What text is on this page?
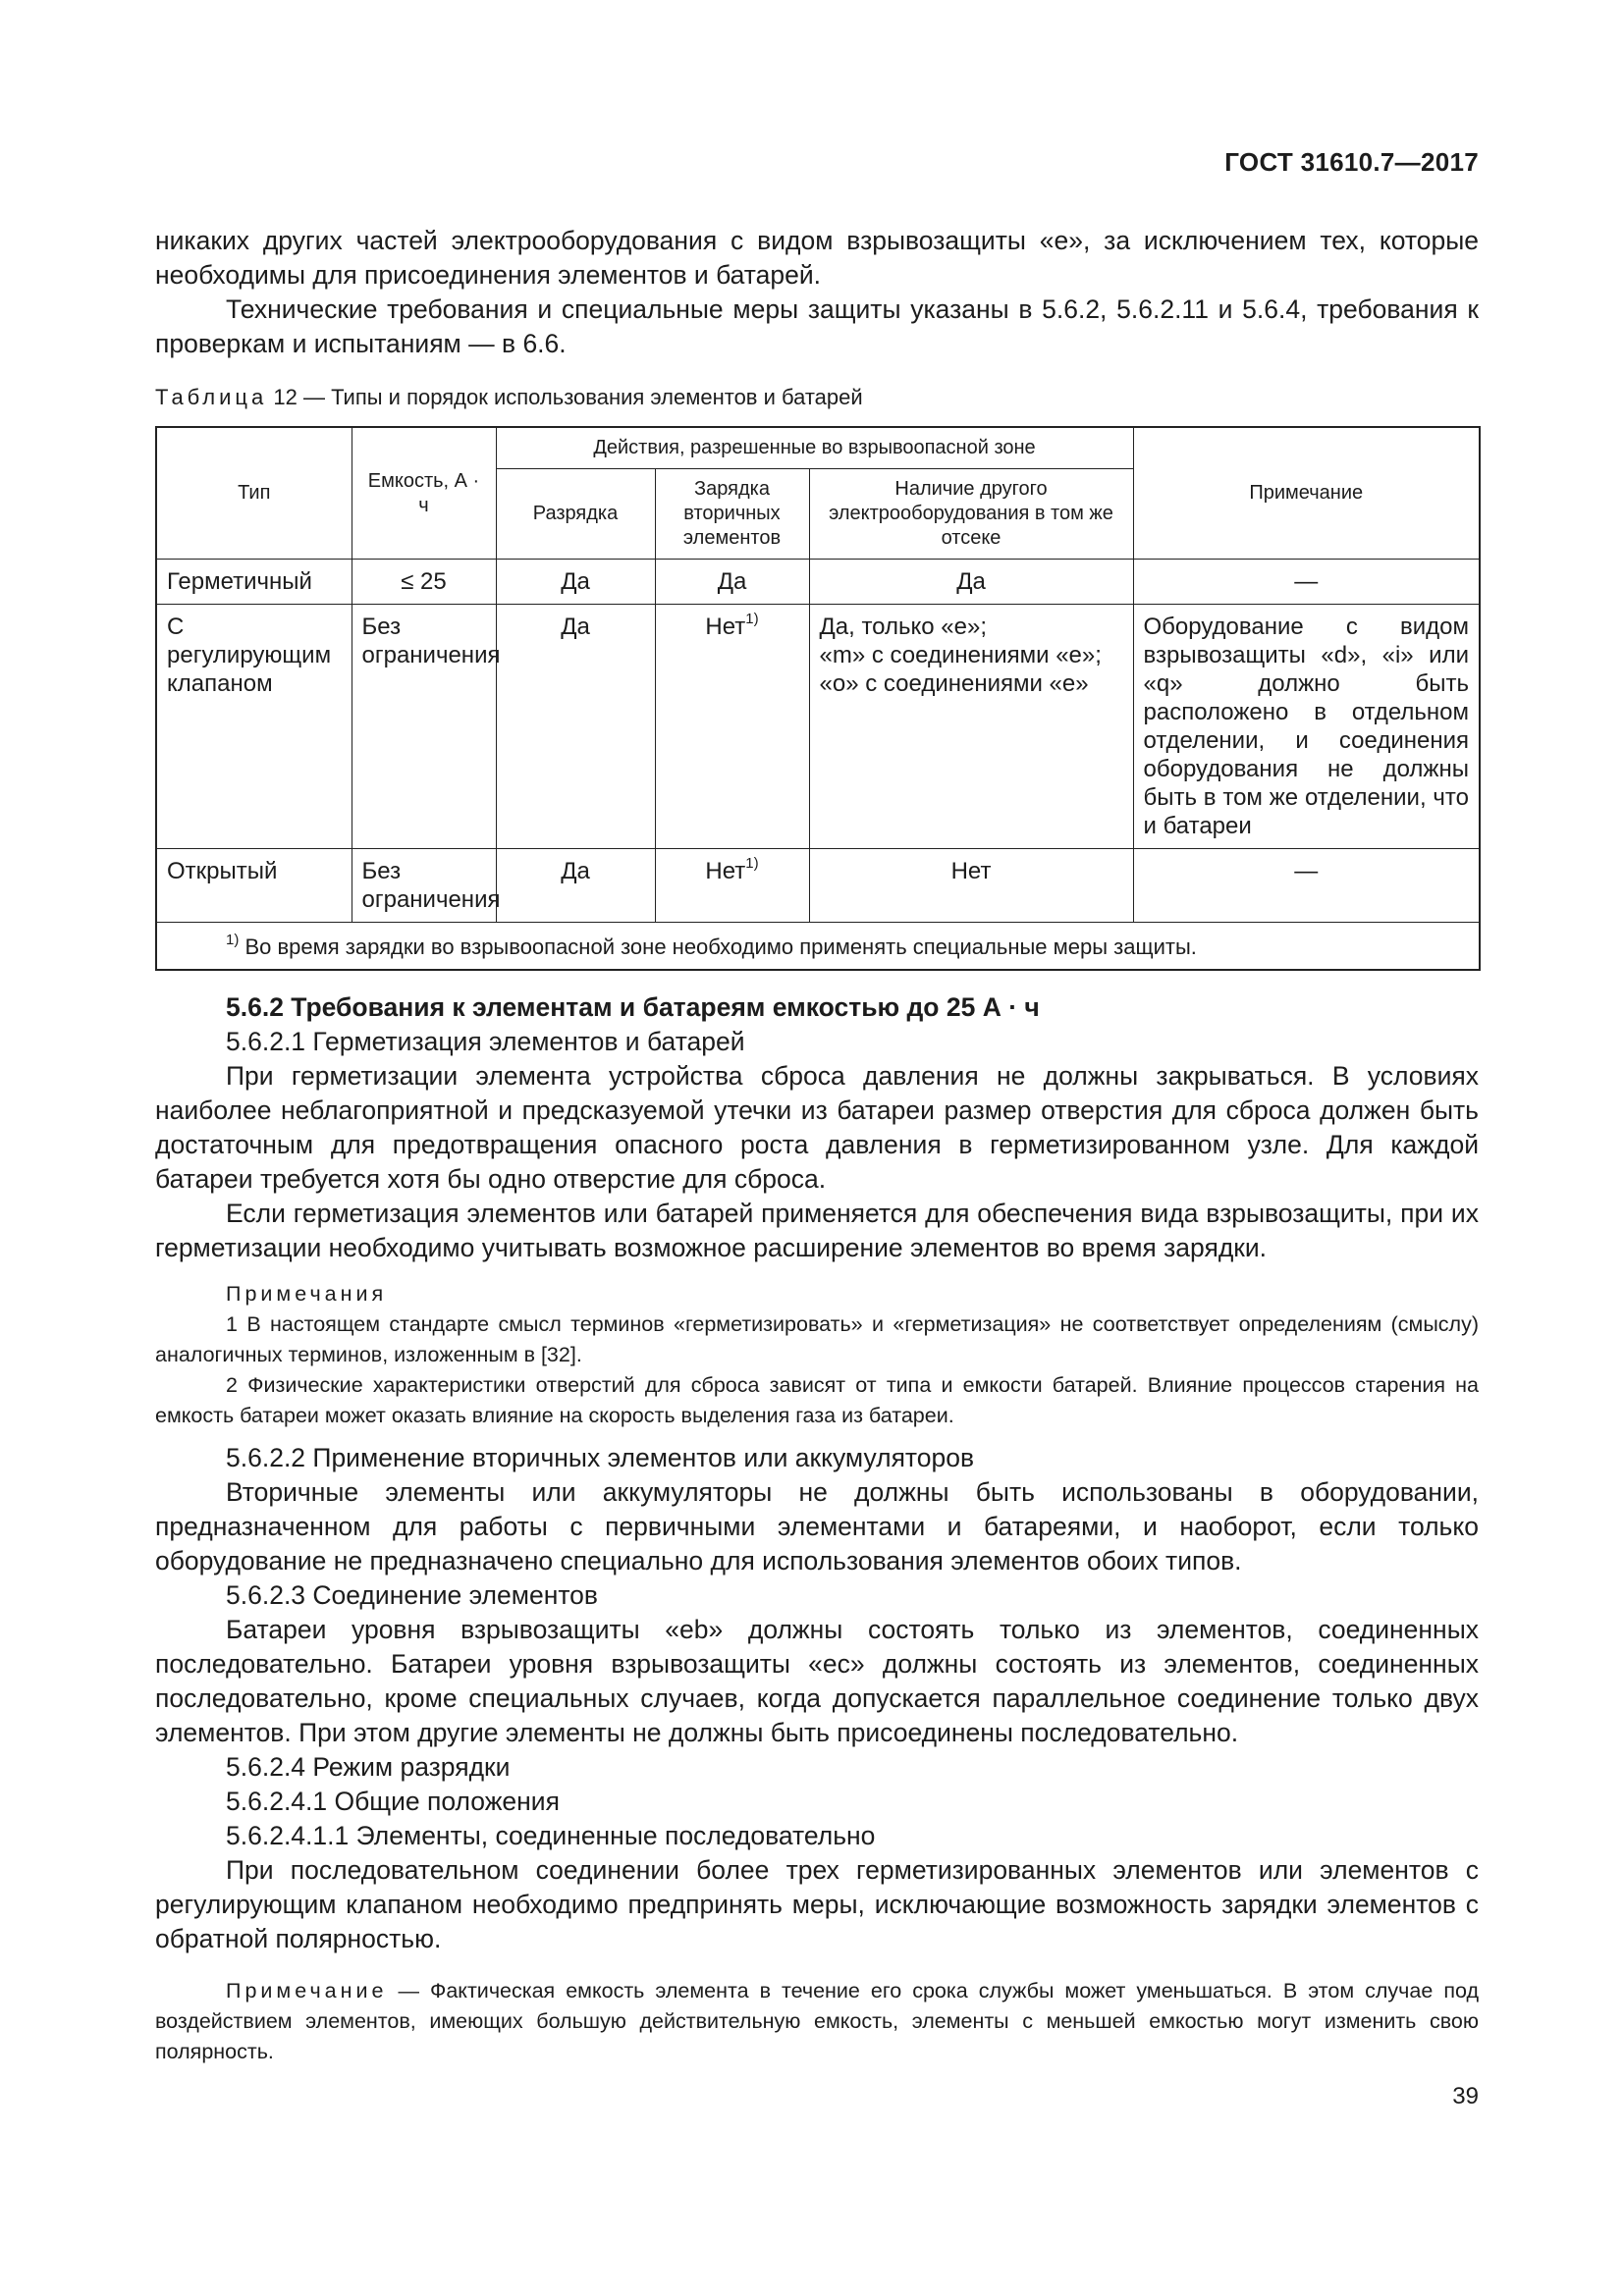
ГОСТ 31610.7—2017

никаких других частей электрооборудования с видом взрывозащиты «е», за исключением тех, которые необходимы для присоединения элементов и батарей.

Технические требования и специальные меры защиты указаны в 5.6.2, 5.6.2.11 и 5.6.4, требования к проверкам и испытаниям — в 6.6.

Таблица 12 — Типы и порядок использования элементов и батарей
Тип	Емкость, А · ч	Действия, разрешенные во взрывоопасной зоне			Примечание
		Разрядка	Зарядка вторичных элементов	Наличие другого электрооборудования в том же отсеке	
Герметичный	≤ 25	Да	Да	Да	—
С регулирующим клапаном	Без ограничения	Да	Нет$^{1)}$	Да, только «е»;
«m» с соединениями «е»;
«о» с соединениями «е»	Оборудование с видом взрывозащиты «d», «i» или «q» должно быть расположено в отдельном отделении, и соединения оборудования не должны быть в том же отделении, что и батареи
Открытый	Без ограничения	Да	Нет$^{1)}$	Нет	—
$^{1)}$ Во время зарядки во взрывоопасной зоне необходимо применять специальные меры защиты.					

5.6.2 Требования к элементам и батареям емкостью до 25 А · ч

5.6.2.1 Герметизация элементов и батарей

При герметизации элемента устройства сброса давления не должны закрываться. В условиях наиболее неблагоприятной и предсказуемой утечки из батареи размер отверстия для сброса должен быть достаточным для предотвращения опасного роста давления в герметизированном узле. Для каждой батареи требуется хотя бы одно отверстие для сброса.

Если герметизация элементов или батарей применяется для обеспечения вида взрывозащиты, при их герметизации необходимо учитывать возможное расширение элементов во время зарядки.

Примечания

1 В настоящем стандарте смысл терминов «герметизировать» и «герметизация» не соответствует определениям (смыслу) аналогичных терминов, изложенным в [32].

2 Физические характеристики отверстий для сброса зависят от типа и емкости батарей. Влияние процессов старения на емкость батареи может оказать влияние на скорость выделения газа из батареи.

5.6.2.2 Применение вторичных элементов или аккумуляторов

Вторичные элементы или аккумуляторы не должны быть использованы в оборудовании, предназначенном для работы с первичными элементами и батареями, и наоборот, если только оборудование не предназначено специально для использования элементов обоих типов.

5.6.2.3 Соединение элементов

Батареи уровня взрывозащиты «eb» должны состоять только из элементов, соединенных последовательно. Батареи уровня взрывозащиты «ec» должны состоять из элементов, соединенных последовательно, кроме специальных случаев, когда допускается параллельное соединение только двух элементов. При этом другие элементы не должны быть присоединены последовательно.

5.6.2.4 Режим разрядки

5.6.2.4.1 Общие положения

5.6.2.4.1.1 Элементы, соединенные последовательно

При последовательном соединении более трех герметизированных элементов или элементов с регулирующим клапаном необходимо предпринять меры, исключающие возможность зарядки элементов с обратной полярностью.

Примечание — Фактическая емкость элемента в течение его срока службы может уменьшаться. В этом случае под воздействием элементов, имеющих большую действительную емкость, элементы с меньшей емкостью могут изменить свою полярность.

39
